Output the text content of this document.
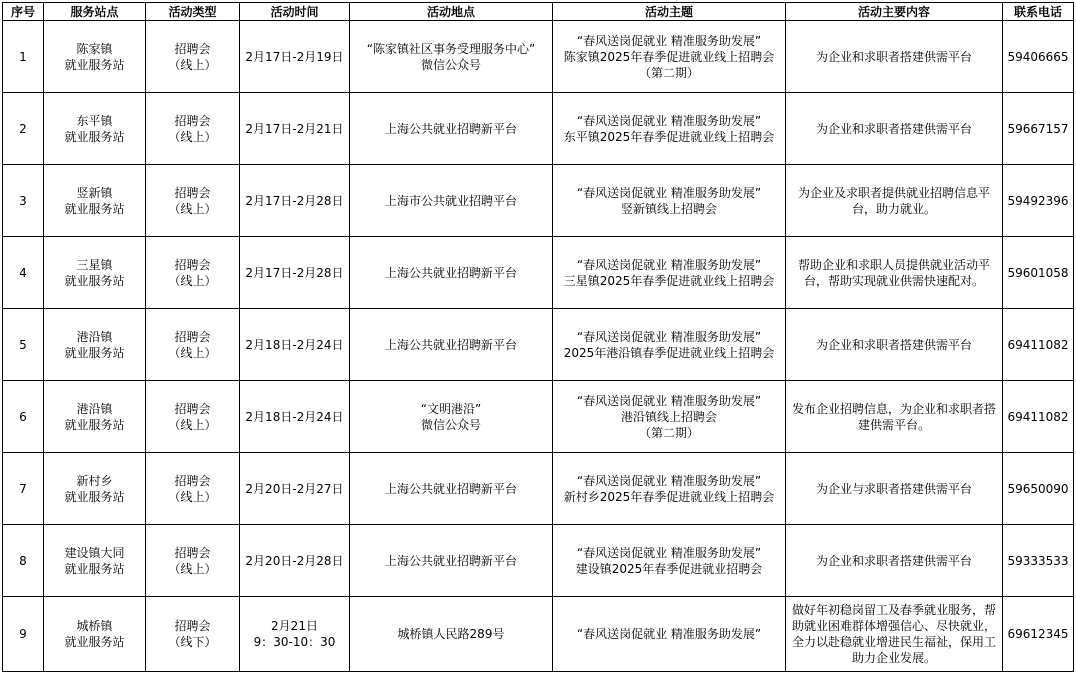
序号	服务站点	活动类型	活动时间	活动地点	活动主题	活动主要内容	联系电话
1	陈家镇
就业服务站	招聘会
（线上）	2月17日-2月19日	“陈家镇社区事务受理服务中心”
微信公众号	“春风送岗促就业 精准服务助发展”
陈家镇2025年春季促进就业线上招聘会
（第二期）	为企业和求职者搭建供需平台	59406665
2	东平镇
就业服务站	招聘会
（线上）	2月17日-2月21日	上海公共就业招聘新平台	“春风送岗促就业 精准服务助发展”
东平镇2025年春季促进就业线上招聘会	为企业和求职者搭建供需平台	59667157
3	竖新镇
就业服务站	招聘会
（线上）	2月17日-2月28日	上海市公共就业招聘平台	“春风送岗促就业 精准服务助发展”
竖新镇线上招聘会	为企业及求职者提供就业招聘信息平台，助力就业。	59492396
4	三星镇
就业服务站	招聘会
（线上）	2月17日-2月28日	上海公共就业招聘新平台	“春风送岗促就业 精准服务助发展”
三星镇2025年春季促进就业线上招聘会	帮助企业和求职人员提供就业活动平台，帮助实现就业供需快速配对。	59601058
5	港沿镇
就业服务站	招聘会
（线上）	2月18日-2月24日	上海公共就业招聘新平台	“春风送岗促就业 精准服务助发展”
2025年港沿镇春季促进就业线上招聘会	为企业和求职者搭建供需平台	69411082
6	港沿镇
就业服务站	招聘会
（线上）	2月18日-2月24日	“文明港沿”
微信公众号	“春风送岗促就业 精准服务助发展”
港沿镇线上招聘会
（第二期）	发布企业招聘信息，为企业和求职者搭建供需平台。	69411082
7	新村乡
就业服务站	招聘会
（线上）	2月20日-2月27日	上海公共就业招聘新平台	“春风送岗促就业 精准服务助发展”
新村乡2025年春季促进就业线上招聘会	为企业与求职者搭建供需平台	59650090
8	建设镇大同
就业服务站	招聘会
（线上）	2月20日-2月28日	上海公共就业招聘新平台	“春风送岗促就业 精准服务助发展”
建设镇2025年春季促进就业招聘会	为企业和求职者搭建供需平台	59333533
9	城桥镇
就业服务站	招聘会
（线下）	2月21日
9：30-10：30	城桥镇人民路289号	“春风送岗促就业 精准服务助发展”	做好年初稳岗留工及春季就业服务，帮助就业困难群体增强信心、尽快就业，全力以赴稳就业增进民生福祉，保用工助力企业发展。	69612345
